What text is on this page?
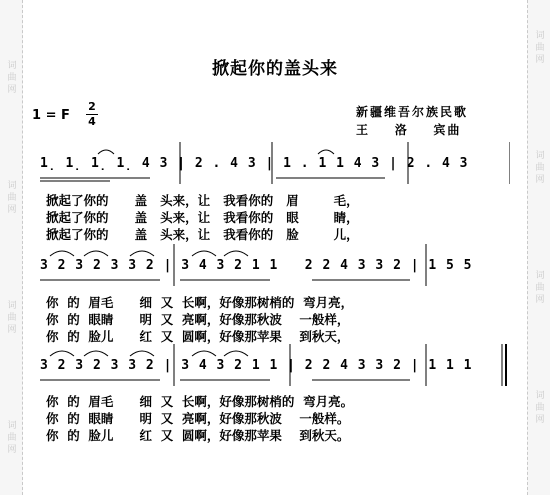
词
曲
网
词
曲
网
词
曲
网
词
曲
网
词
曲
网
词
曲
网
词
曲
网
词
曲
网
掀起你的盖头来
1 = F
2
4
新疆维吾尔族民歌
王    洛    宾曲
1̣ 1̣ 1̣ 1̣ 4 3 | 2 . 4 3 | 1 . 1 1 4 3 | 2 . 4 3
掀起了你的      盖   头来，让   我看你的   眉        毛，
掀起了你的      盖   头来，让   我看你的   眼        睛，
掀起了你的      盖   头来，让   我看你的   脸        儿，
3 2 3 2 3 3 2 | 3 4 3 2 1 1   2 2 4 3 3 2 | 1 5 5
你  的  眉毛      细  又  长啊，好像那树梢的  弯月亮，
你  的  眼睛      明  又  亮啊，好像那秋波    一般样，
你  的  脸儿      红  又  圆啊，好像那苹果    到秋天，
3 2 3 2 3 3 2 | 3 4 3 2 1 1 | 2 2 4 3 3 2 | 1 1 1
你  的  眉毛      细  又  长啊，好像那树梢的  弯月亮。
你  的  眼睛      明  又  亮啊，好像那秋波    一般样。
你  的  脸儿      红  又  圆啊，好像那苹果    到秋天。
